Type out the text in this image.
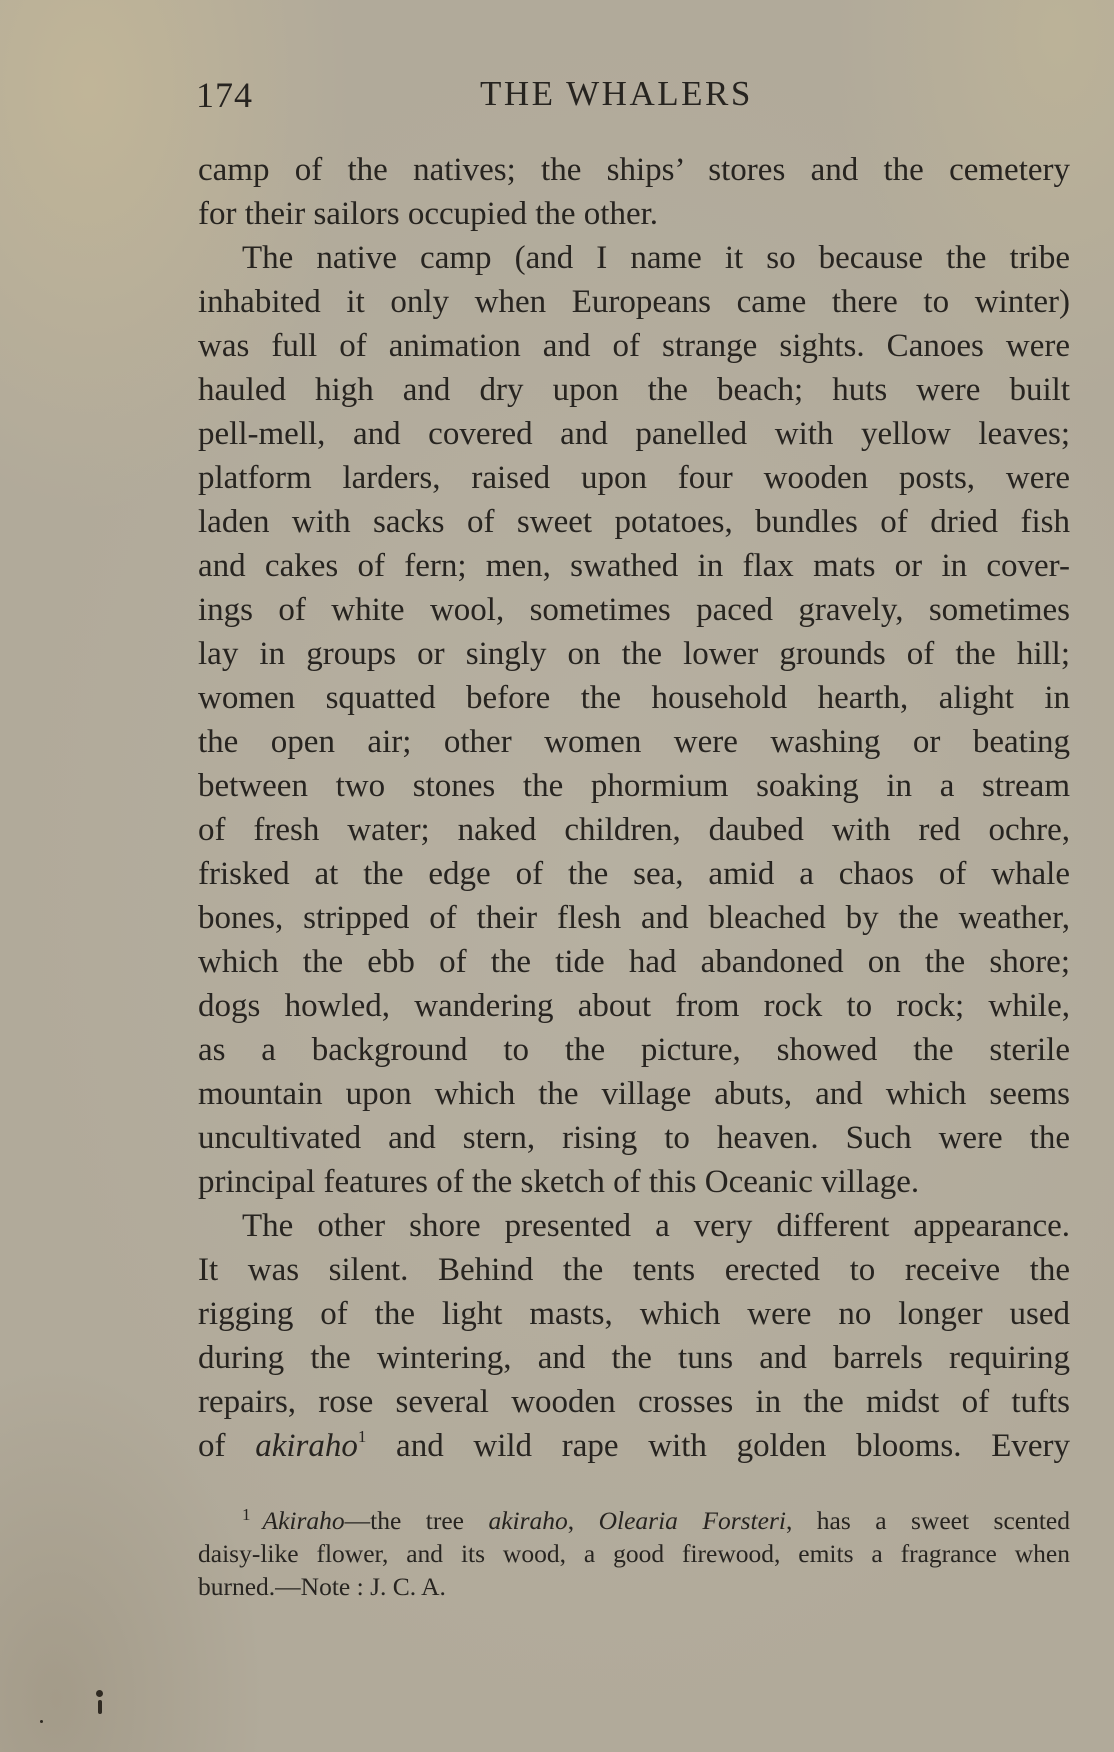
174	THE WHALERS
camp of the natives; the ships’ stores and the cemetery
for their sailors occupied the other.
The native camp (and I name it so because the tribe
inhabited it only when Europeans came there to winter)
was full of animation and of strange sights. Canoes were
hauled high and dry upon the beach; huts were built
pell-mell, and covered and panelled with yellow leaves;
platform larders, raised upon four wooden posts, were
laden with sacks of sweet potatoes, bundles of dried fish
and cakes of fern; men, swathed in flax mats or in cover-
ings of white wool, sometimes paced gravely, sometimes
lay in groups or singly on the lower grounds of the hill;
women squatted before the household hearth, alight in
the open air; other women were washing or beating
between two stones the phormium soaking in a stream
of fresh water; naked children, daubed with red ochre,
frisked at the edge of the sea, amid a chaos of whale
bones, stripped of their flesh and bleached by the weather,
which the ebb of the tide had abandoned on the shore;
dogs howled, wandering about from rock to rock; while,
as a background to the picture, showed the sterile
mountain upon which the village abuts, and which seems
uncultivated and stern, rising to heaven. Such were the
principal features of the sketch of this Oceanic village.
The other shore presented a very different appearance.
It was silent. Behind the tents erected to receive the
rigging of the light masts, which were no longer used
during the wintering, and the tuns and barrels requiring
repairs, rose several wooden crosses in the midst of tufts
of akiraho$^1$ and wild rape with golden blooms. Every
$^1$ Akiraho—the tree akiraho, Olearia Forsteri, has a sweet scented
daisy-like flower, and its wood, a good firewood, emits a fragrance when
burned.—Note : J. C. A.
